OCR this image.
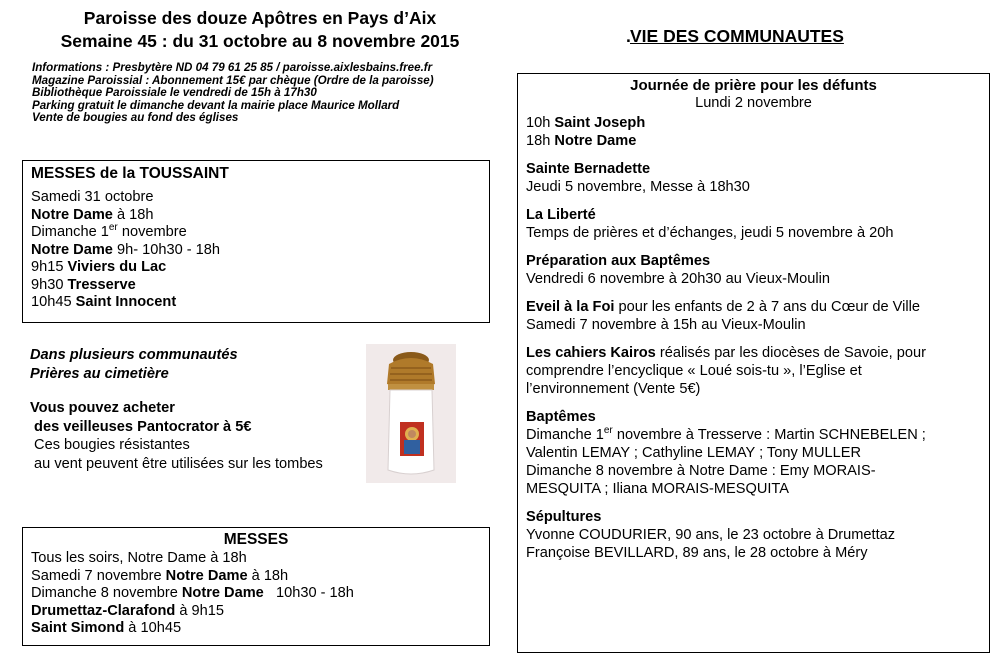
Paroisse des douze Apôtres en Pays d’Aix
Semaine 45 : du 31 octobre au 8 novembre 2015
Informations : Presbytère ND 04 79 61 25 85 / paroisse.aixlesbains.free.fr
Magazine Paroissial : Abonnement 15€ par chèque (Ordre de la paroisse)
Bibliothèque Paroissiale le vendredi de 15h à 17h30
Parking gratuit le dimanche devant la mairie place Maurice Mollard
Vente de bougies au fond des églises
MESSES de la TOUSSAINT
Samedi 31 octobre
Notre Dame à 18h
Dimanche 1er novembre
Notre Dame 9h- 10h30 - 18h
9h15 Viviers du Lac
9h30 Tresserve
10h45 Saint Innocent
Dans plusieurs communautés
Prières au cimetière
Vous pouvez acheter
des veilleuses Pantocrator à 5€
Ces bougies résistantes
au vent peuvent être utilisées sur les tombes
MESSES
Tous les soirs, Notre Dame à 18h
Samedi 7 novembre Notre Dame à 18h
Dimanche 8 novembre Notre Dame   10h30 - 18h
Drumettaz-Clarafond à 9h15
Saint Simond à 10h45
. VIE DES COMMUNAUTES
Journée de prière pour les défunts
Lundi 2 novembre
10h Saint Joseph
18h Notre Dame
Sainte Bernadette
Jeudi 5 novembre, Messe à 18h30
La Liberté
Temps de prières et d’échanges, jeudi 5 novembre à 20h
Préparation aux Baptêmes
Vendredi 6 novembre à 20h30 au Vieux-Moulin
Eveil à la Foi pour les enfants de 2 à 7 ans du Cœur de Ville
Samedi 7 novembre à 15h au Vieux-Moulin
Les cahiers Kairos réalisés par les diocèses de Savoie, pour
comprendre l’encyclique « Loué sois-tu », l’Eglise et
l’environnement (Vente 5€)
Baptêmes
Dimanche 1er novembre à Tresserve : Martin SCHNEBELEN ;
Valentin LEMAY ; Cathyline LEMAY ; Tony MULLER
Dimanche 8 novembre à Notre Dame : Emy MORAIS-
MESQUITA ; Iliana MORAIS-MESQUITA
Sépultures
Yvonne COUDURIER, 90 ans, le 23 octobre à Drumettaz
Françoise BEVILLARD, 89 ans, le 28 octobre à Méry
